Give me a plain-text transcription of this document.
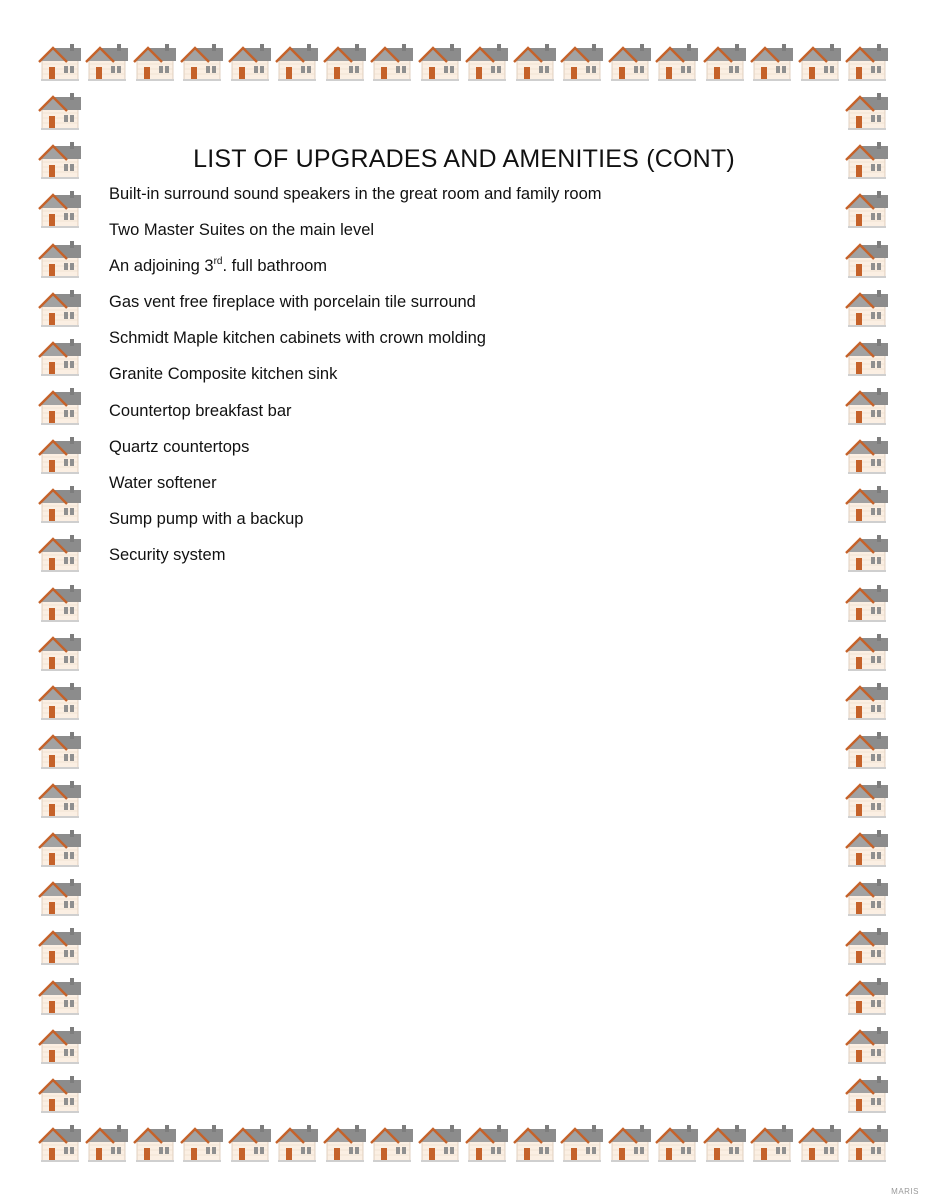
LIST OF UPGRADES AND AMENITIES (CONT)
Built-in surround sound speakers in the great room and family room
Two Master Suites on the main level
An adjoining 3rd. full bathroom
Gas vent free fireplace with porcelain tile surround
Schmidt Maple kitchen cabinets with crown molding
Granite Composite kitchen sink
Countertop breakfast bar
Quartz countertops
Water softener
Sump pump with a backup
Security system
MARIS
